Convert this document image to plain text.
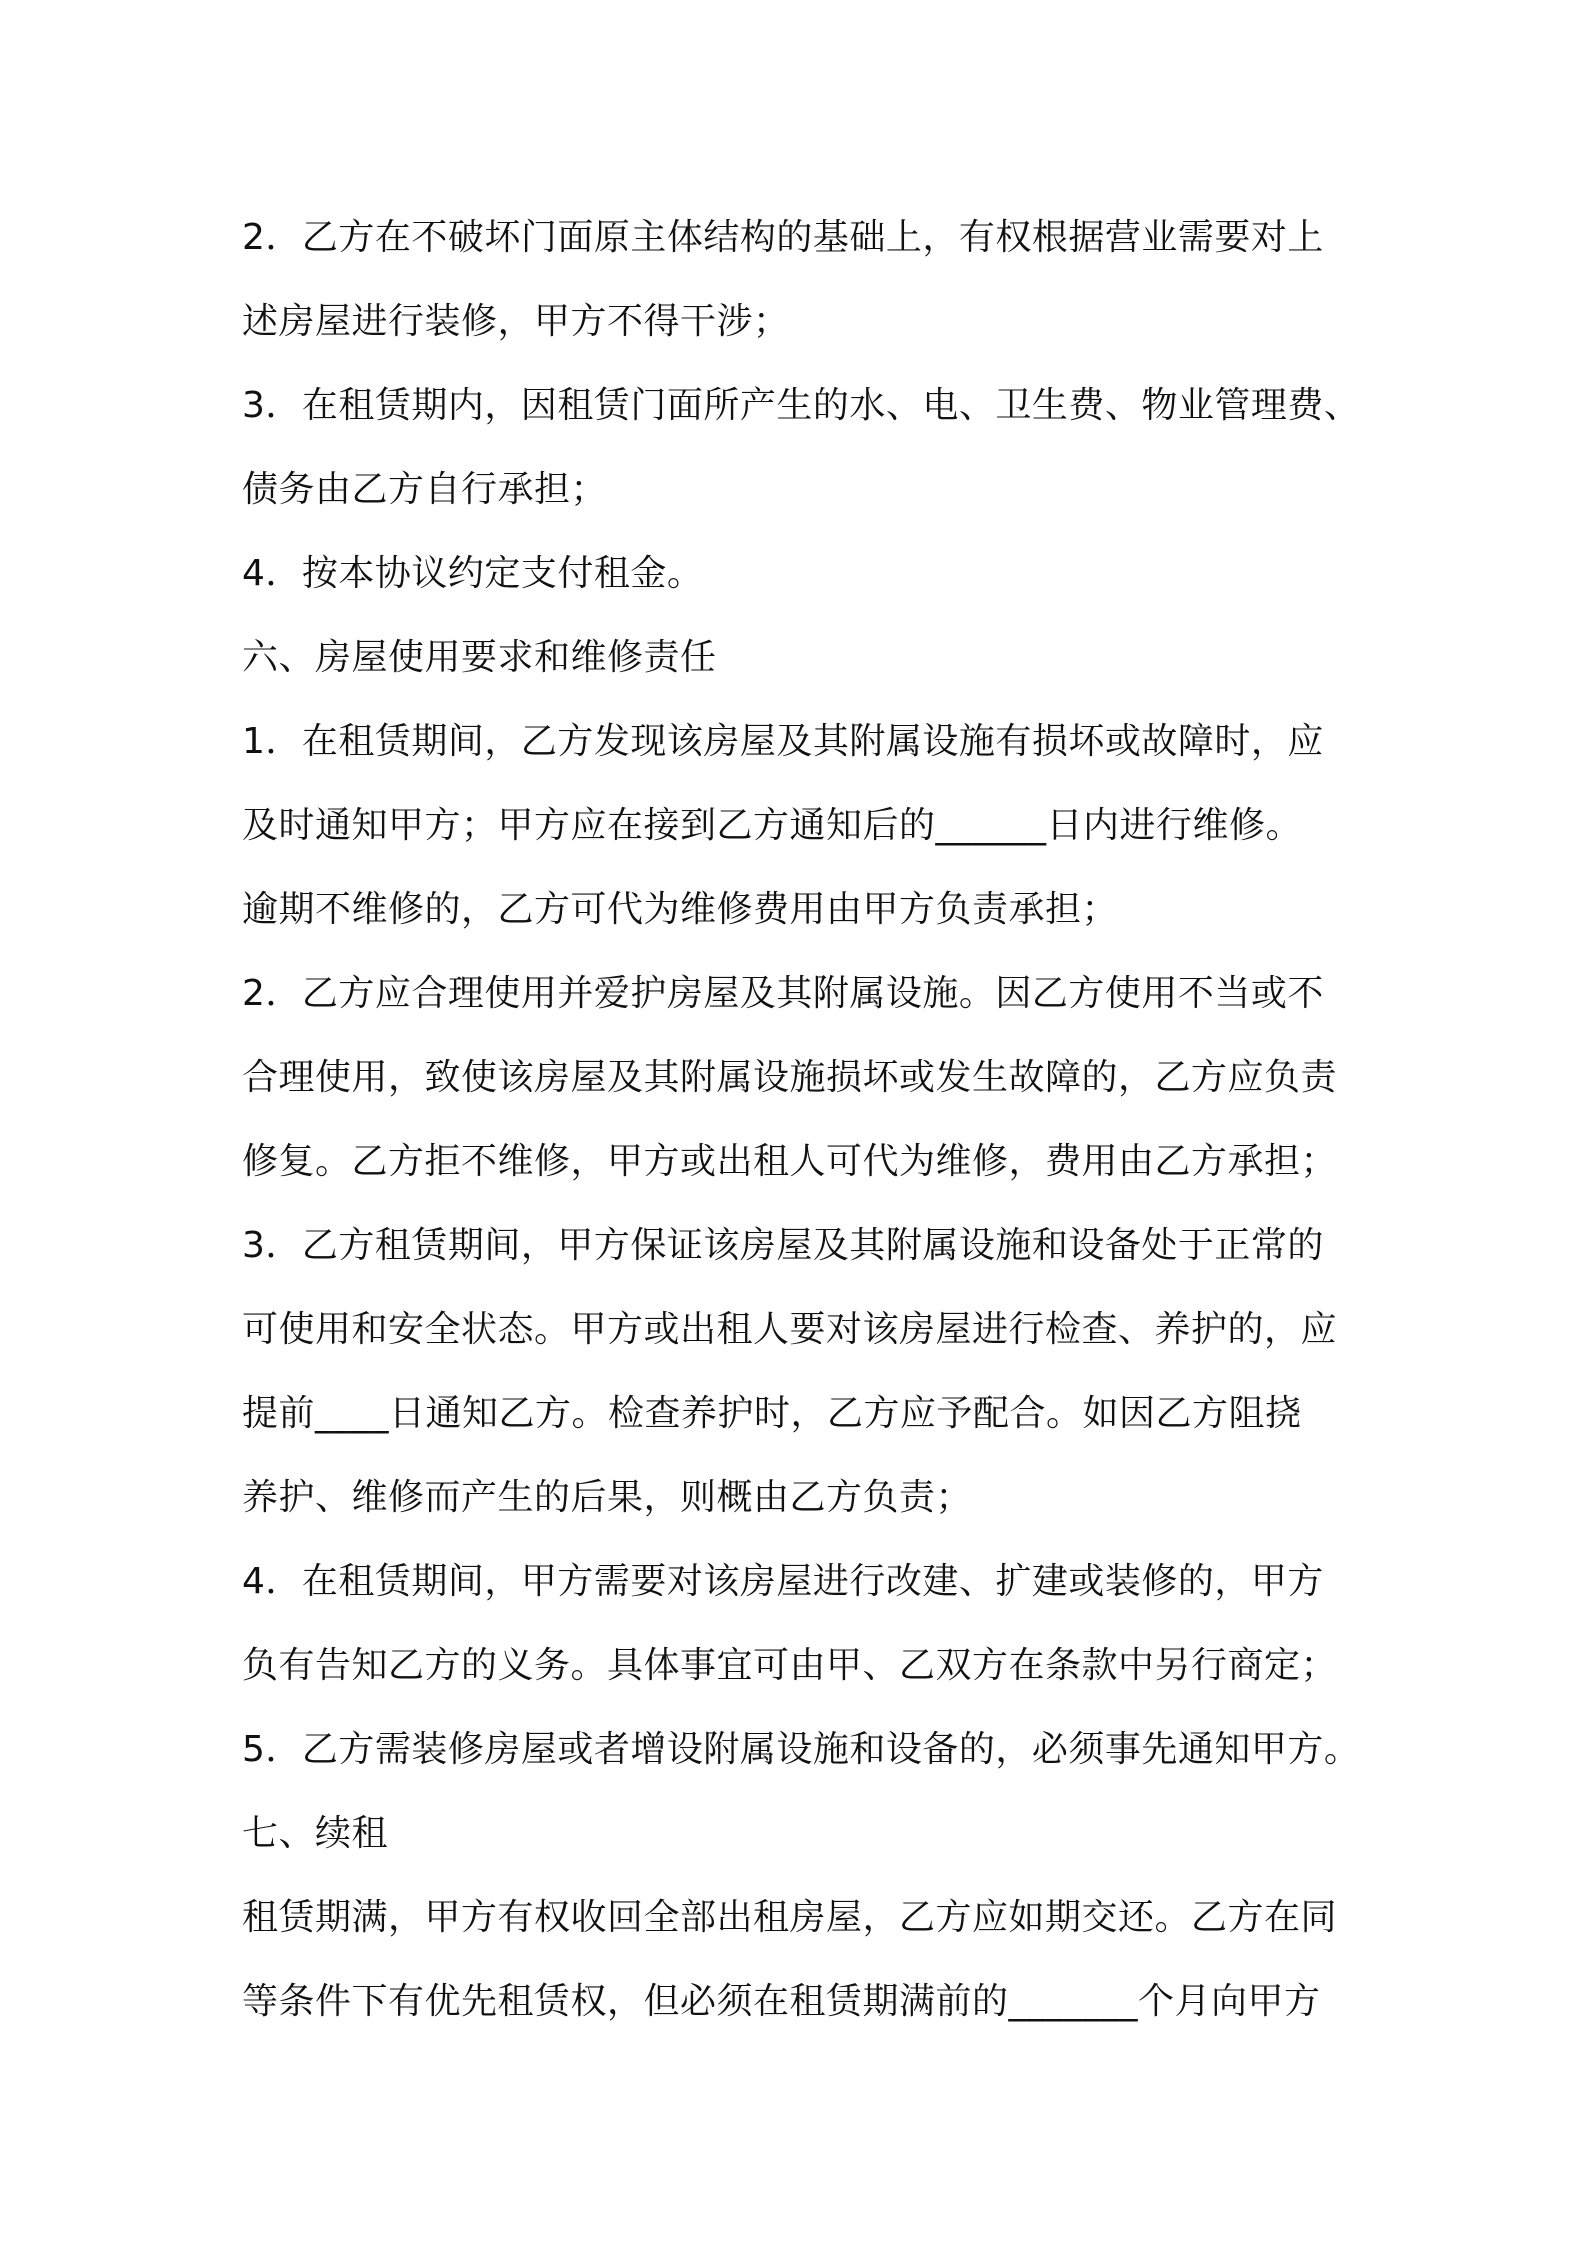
2．乙方在不破坏门面原主体结构的基础上，有权根据营业需要对上
述房屋进行装修，甲方不得干涉；
3．在租赁期内，因租赁门面所产生的水、电、卫生费、物业管理费、
债务由乙方自行承担；
4．按本协议约定支付租金。
六、房屋使用要求和维修责任
1．在租赁期间，乙方发现该房屋及其附属设施有损坏或故障时，应
及时通知甲方；甲方应在接到乙方通知后的______日内进行维修。
逾期不维修的，乙方可代为维修费用由甲方负责承担；
2．乙方应合理使用并爱护房屋及其附属设施。因乙方使用不当或不
合理使用，致使该房屋及其附属设施损坏或发生故障的，乙方应负责
修复。乙方拒不维修，甲方或出租人可代为维修，费用由乙方承担；
3．乙方租赁期间，甲方保证该房屋及其附属设施和设备处于正常的
可使用和安全状态。甲方或出租人要对该房屋进行检查、养护的，应
提前____日通知乙方。检查养护时，乙方应予配合。如因乙方阻挠
养护、维修而产生的后果，则概由乙方负责；
4．在租赁期间，甲方需要对该房屋进行改建、扩建或装修的，甲方
负有告知乙方的义务。具体事宜可由甲、乙双方在条款中另行商定；
5．乙方需装修房屋或者增设附属设施和设备的，必须事先通知甲方。
七、续租
租赁期满，甲方有权收回全部出租房屋，乙方应如期交还。乙方在同
等条件下有优先租赁权，但必须在租赁期满前的_______个月向甲方
